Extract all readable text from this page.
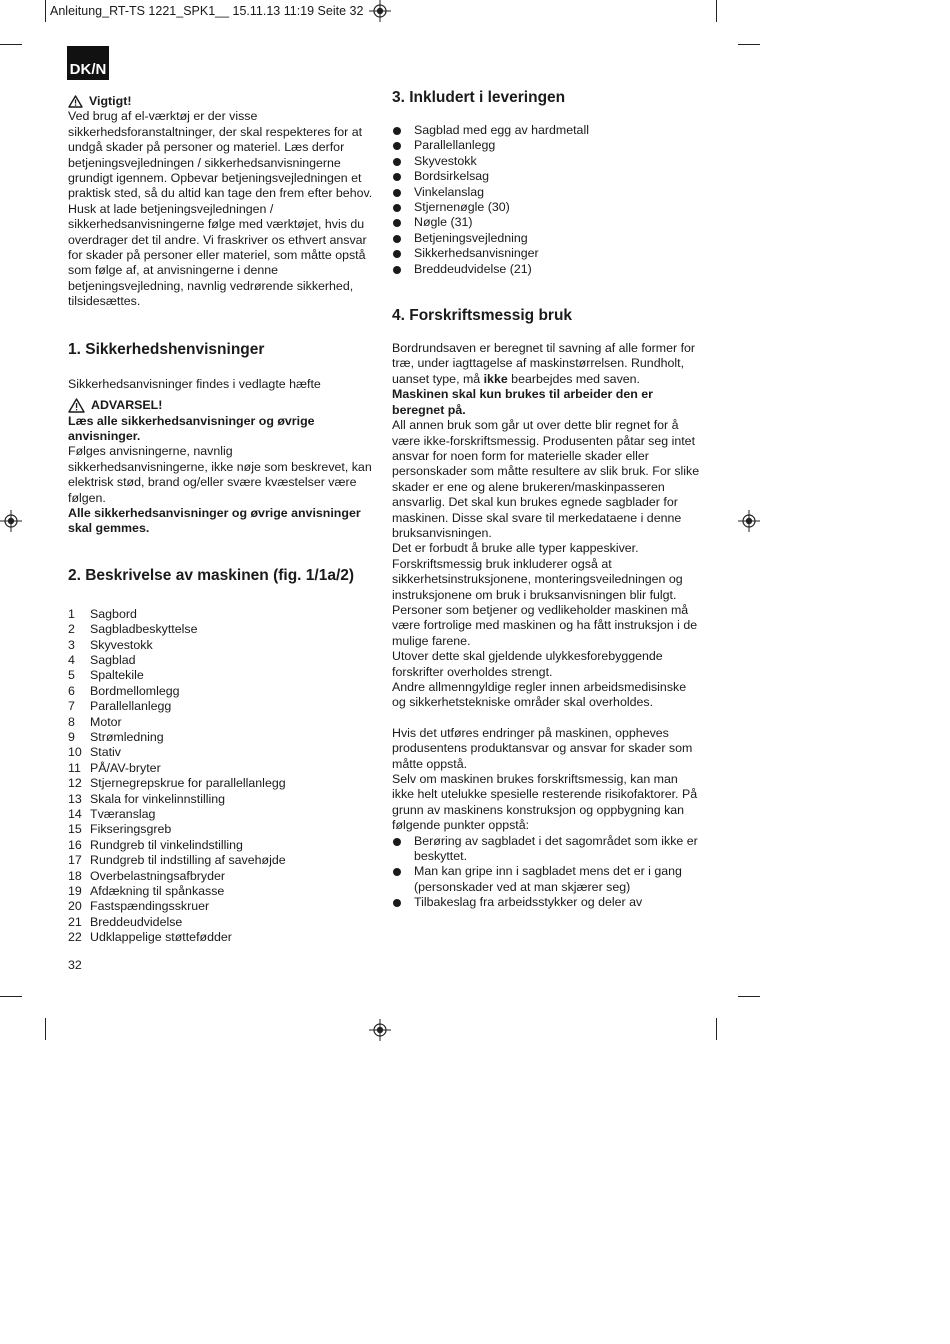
Anleitung_RT-TS 1221_SPK1__ 15.11.13 11:19 Seite 32
DK/N
Vigtigt!

Ved brug af el-værktøj er der visse sikkerhedsforanstaltninger, der skal respekteres for at undgå skader på personer og materiel. Læs derfor betjeningsvejledningen / sikkerhedsanvisningerne grundigt igennem. Opbevar betjeningsvejledningen et praktisk sted, så du altid kan tage den frem efter behov. Husk at lade betjeningsvejledningen / sikkerhedsanvisningerne følge med værktøjet, hvis du overdrager det til andre. Vi fraskriver os ethvert ansvar for skader på personer eller materiel, som måtte opstå som følge af, at anvisningerne i denne betjeningsvejledning, navnlig vedrørende sikkerhed, tilsidesættes.

1. Sikkerhedshenvisninger

Sikkerhedsanvisninger findes i vedlagte hæfte

ADVARSEL!

Læs alle sikkerhedsanvisninger og øvrige anvisninger.

Følges anvisningerne, navnlig sikkerhedsanvisningerne, ikke nøje som beskrevet, kan elektrisk stød, brand og/eller svære kvæstelser være følgen.

Alle sikkerhedsanvisninger og øvrige anvisninger skal gemmes.

2. Beskrivelse av maskinen (fig. 1/1a/2)
1	Sagbord
2	Sagbladbeskyttelse
3	Skyvestokk
4	Sagblad
5	Spaltekile
6	Bordmellomlegg
7	Parallellanlegg
8	Motor
9	Strømledning
10 Stativ
11 PÅ/AV-bryter
12 Stjernegrepskrue for parallellanlegg
13 Skala for vinkelinnstilling
14 Tværanslag
15 Fikseringsgreb
16 Rundgreb til vinkelindstilling
17 Rundgreb til indstilling af savehøjde
18 Overbelastningsafbryder
19 Afdækning til spånkasse
20 Fastspændingsskruer
21 Breddeudvidelse
22 Udklappelige støttefødder
3. Inkludert i leveringen
Sagblad med egg av hardmetall
Parallellanlegg
Skyvestokk
Bordsirkelsag
Vinkelanslag
Stjernenøgle (30)
Nøgle (31)
Betjeningsvejledning
Sikkerhedsanvisninger
Breddeudvidelse (21)
4. Forskriftsmessig bruk

Bordrundsaven er beregnet til savning af alle former for træ, under iagttagelse af maskinstørrelsen. Rundholt, uanset type, må ikke bearbejdes med saven.

Maskinen skal kun brukes til arbeider den er beregnet på.

All annen bruk som går ut over dette blir regnet for å være ikke-forskriftsmessig. Produsenten påtar seg intet ansvar for noen form for materielle skader eller personskader som måtte resultere av slik bruk. For slike skader er ene og alene brukeren/maskinpasseren ansvarlig. Det skal kun brukes egnede sagblader for maskinen. Disse skal svare til merkedataene i denne bruksanvisningen.

Det er forbudt å bruke alle typer kappeskiver.

Forskriftsmessig bruk inkluderer også at sikkerhetsinstruksjonene, monteringsveiledningen og instruksjonene om bruk i bruksanvisningen blir fulgt. Personer som betjener og vedlikeholder maskinen må være fortrolige med maskinen og ha fått instruksjon i de mulige farene.

Utover dette skal gjeldende ulykkesforebyggende forskrifter overholdes strengt.

Andre allmenngyldige regler innen arbeidsmedisinske og sikkerhetstekniske områder skal overholdes.

Hvis det utføres endringer på maskinen, oppheves produsentens produktansvar og ansvar for skader som måtte oppstå.

Selv om maskinen brukes forskriftsmessig, kan man ikke helt utelukke spesielle resterende risikofaktorer. På grunn av maskinens konstruksjon og oppbygning kan følgende punkter oppstå:

Berøring av sagbladet i det sagområdet som ikke er beskyttet.
Man kan gripe inn i sagbladet mens det er i gang (personskader ved at man skjærer seg)
Tilbakeslag fra arbeidsstykker og deler av
32
